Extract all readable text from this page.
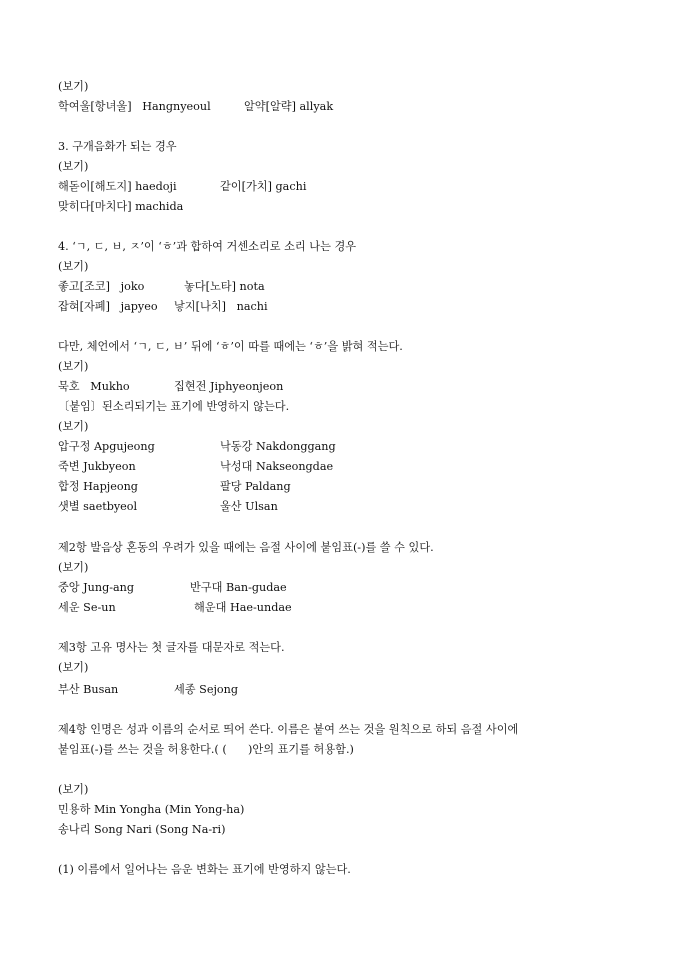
(보기)
학여울[항녀울]   Hangnyeoul	알약[알략] allyak
3. 구개음화가 되는 경우
(보기)
해돋이[해도지] haedoji	같이[가치] gachi
맞히다[마치다] machida
4. ‘ㄱ, ㄷ, ㅂ, ㅈ’이 ‘ㅎ’과 합하여 거센소리로 소리 나는 경우
(보기)
좋고[조코]   joko	놓다[노타] nota
잡혀[자폐]   japyeo 낳지[나치]   nachi
다만, 체언에서 ‘ㄱ, ㄷ, ㅂ’ 뒤에 ‘ㅎ’이 따를 때에는 ‘ㅎ’을 밝혀 적는다.
(보기)
묵호   Mukho	집현전 Jiphyeonjeon
〔붙임〕된소리되기는 표기에 반영하지 않는다.
(보기)
압구정 Apgujeong	낙동강 Nakdonggang
죽변 Jukbyeon	낙성대 Nakseongdae
합정 Hapjeong	팔당 Paldang
샛별 saetbyeol	울산 Ulsan
제2항 발음상 혼동의 우려가 있을 때에는 음절 사이에 붙임표(-)를 쓸 수 있다.
(보기)
중앙 Jung-ang	반구대 Ban-gudae
세운 Se-un	해운대 Hae-undae
제3항 고유 명사는 첫 글자를 대문자로 적는다.
(보기)
부산 Busan	세종 Sejong
제4항 인명은 성과 이름의 순서로 띄어 쓴다. 이름은 붙여 쓰는 것을 원칙으로 하되 음절 사이에
붙임표(-)를 쓰는 것을 허용한다.( (      )안의 표기를 허용함.)
(보기)
민용하 Min Yongha (Min Yong-ha)
송나리 Song Nari (Song Na-ri)
(1) 이름에서 일어나는 음운 변화는 표기에 반영하지 않는다.
